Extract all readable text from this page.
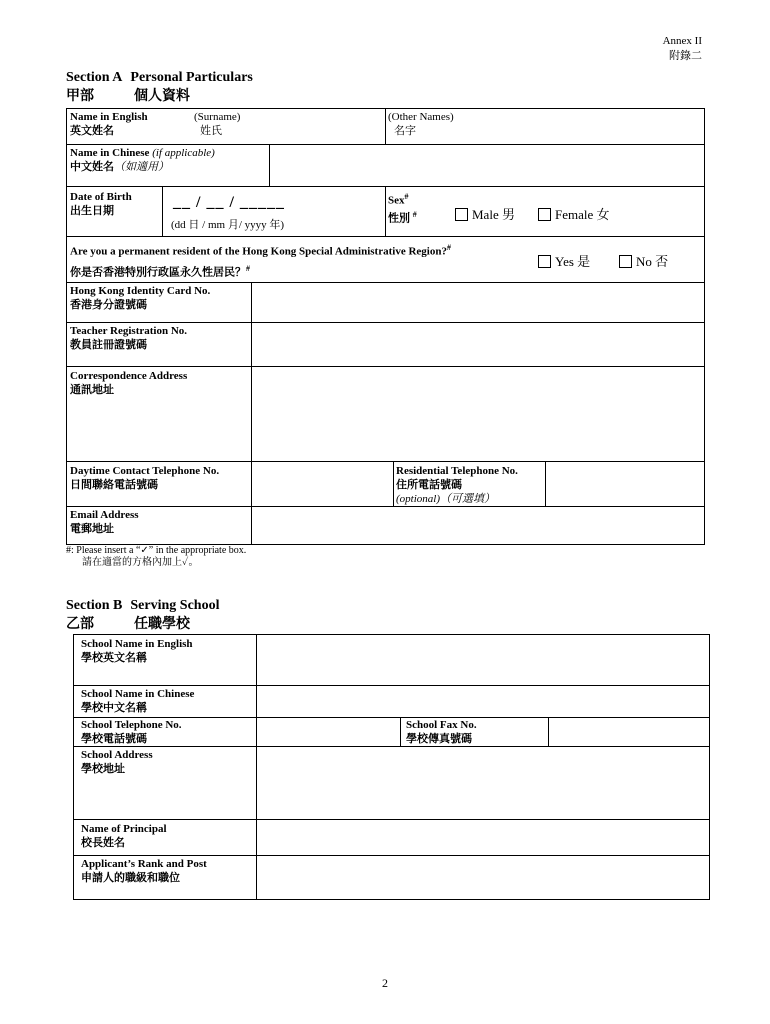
Annex II
附錄二
Section A Personal Particulars
甲部	個人資料
Name in English
英文姓名
(Surname)
姓氏
(Other Names)
名字
Name in Chinese (if applicable)
中文姓名（如適用）
Date of Birth
出生日期	__ / __ / _____
(dd 日 / mm 月/ yyyy 年)
Sex#
性別 #	Male 男	Female 女
Are you a permanent resident of the Hong Kong Special Administrative Region?#
你是否香港特別行政區永久性居民？#	Yes 是	No 否
Hong Kong Identity Card No.
香港身分證號碼
Teacher Registration No.
教員註冊證號碼
Correspondence Address
通訊地址
Daytime Contact Telephone No.
日間聯絡電話號碼
Residential Telephone No.
住所電話號碼
(optional)（可選填）
Email Address
電郵地址
#: Please insert a “✓” in the appropriate box.
請在適當的方格內加上✓。
Section B Serving School
乙部	任職學校
School Name in English
學校英文名稱
School Name in Chinese
學校中文名稱
School Telephone No.
學校電話號碼
School Fax No.
學校傳真號碼
School Address
學校地址
Name of Principal
校長姓名
Applicant’s Rank and Post
申請人的職級和職位
2
